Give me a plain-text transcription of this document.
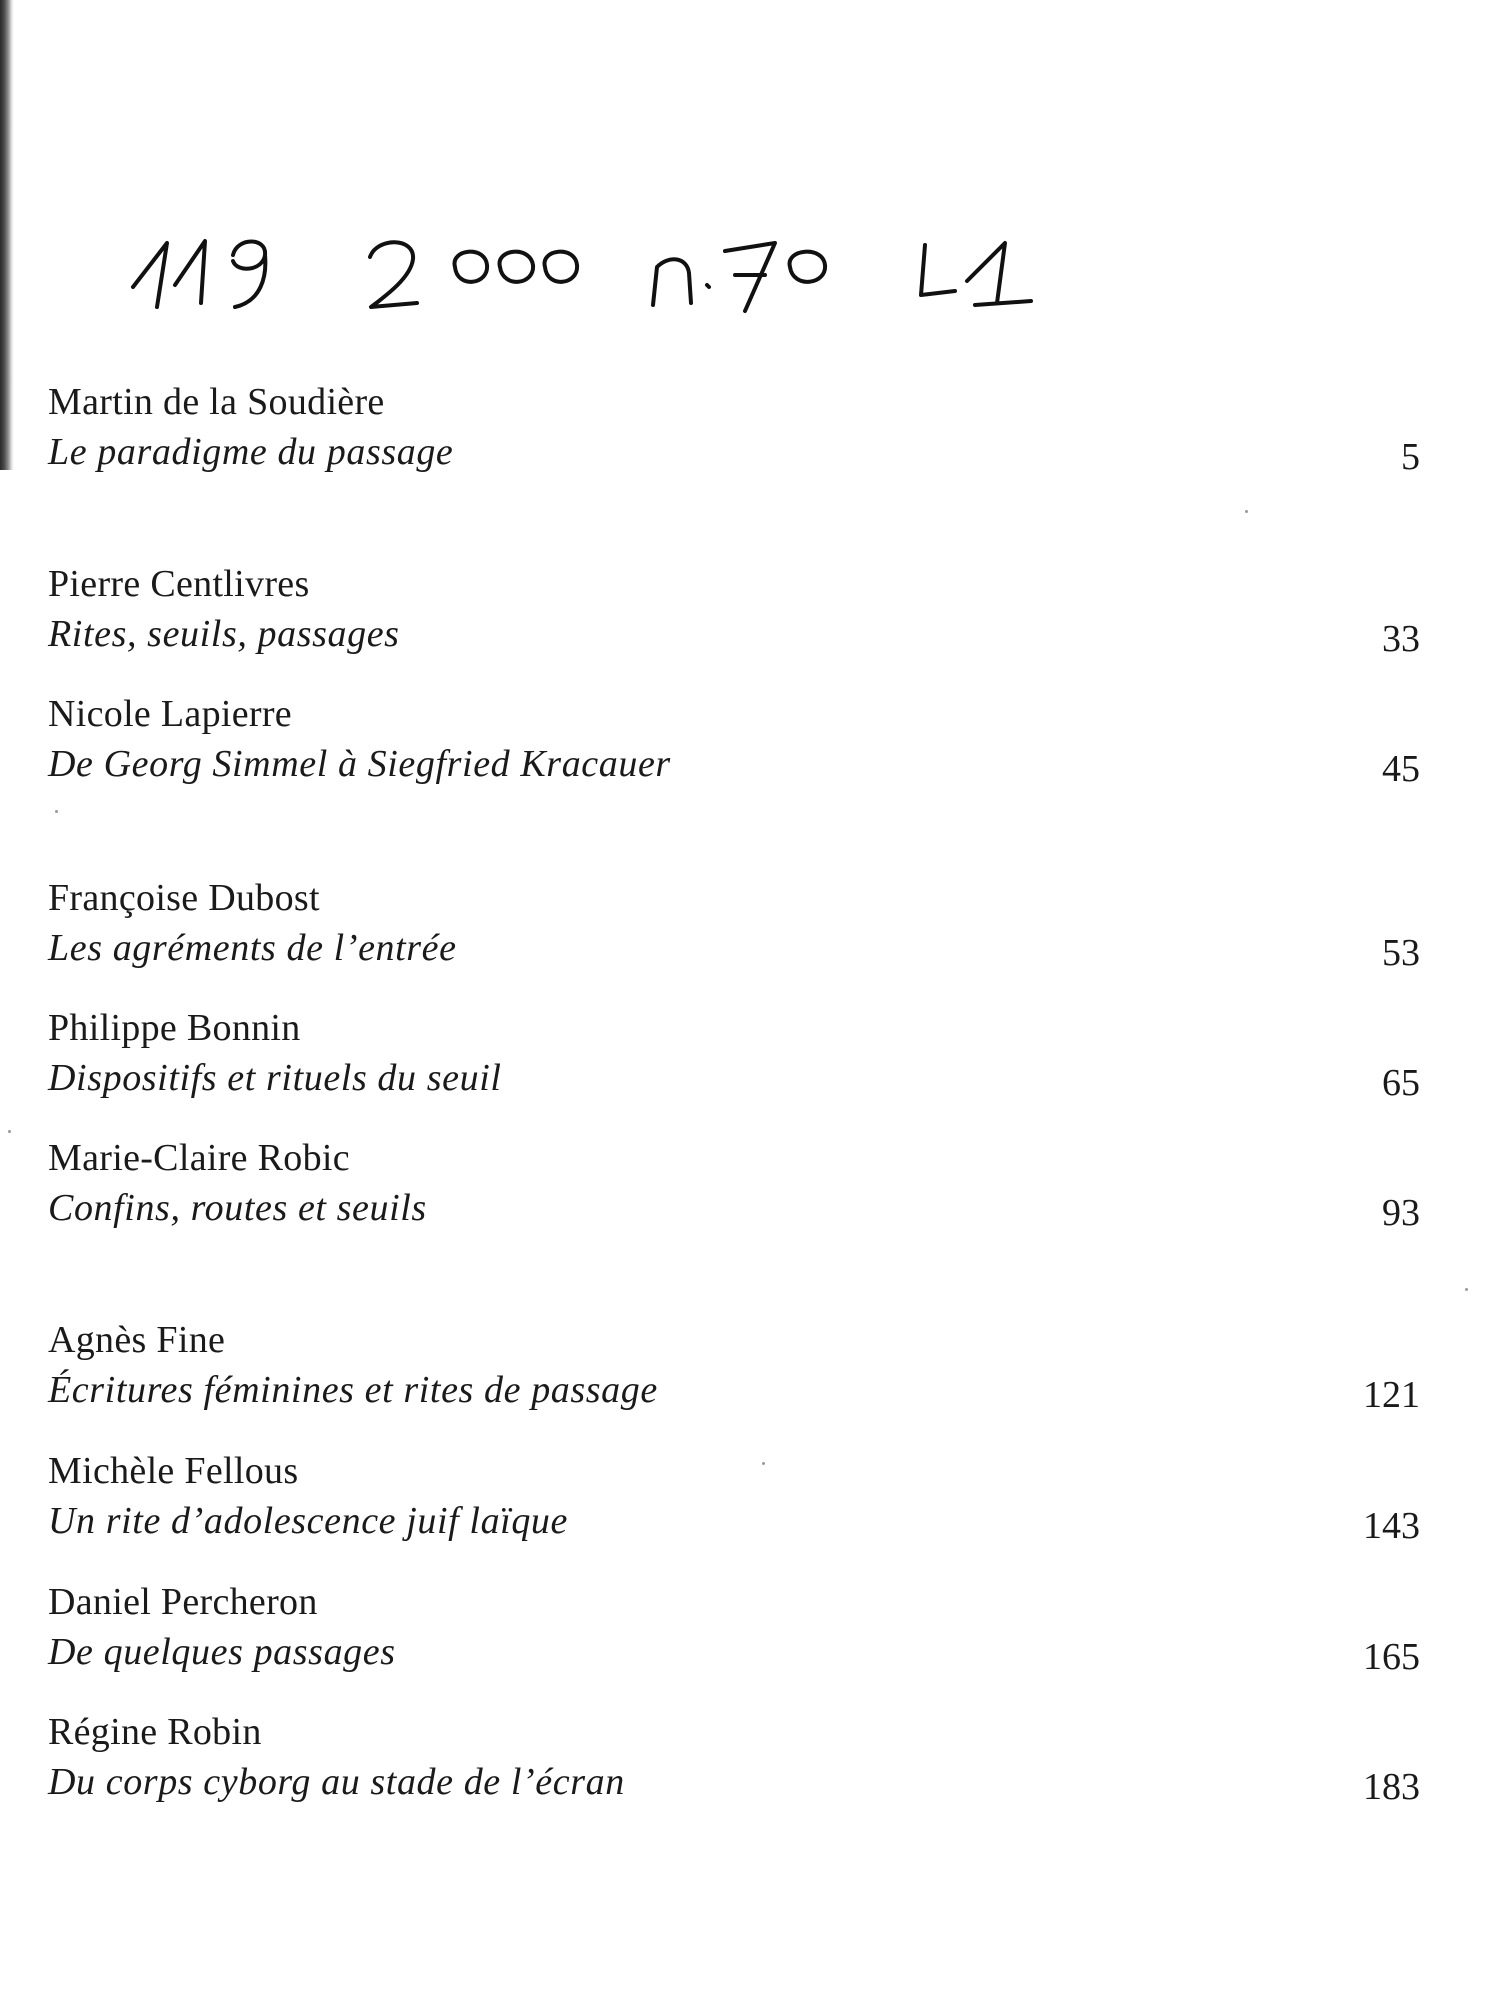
Martin de la Soudière
Le paradigme du passage	5
Pierre Centlivres
Rites, seuils, passages	33
Nicole Lapierre
De Georg Simmel à Siegfried Kracauer	45
Françoise Dubost
Les agréments de l’entrée	53
Philippe Bonnin
Dispositifs et rituels du seuil	65
Marie-Claire Robic
Confins, routes et seuils	93
Agnès Fine
Écritures féminines et rites de passage	121
Michèle Fellous
Un rite d’adolescence juif laïque	143
Daniel Percheron
De quelques passages	165
Régine Robin
Du corps cyborg au stade de l’écran	183
